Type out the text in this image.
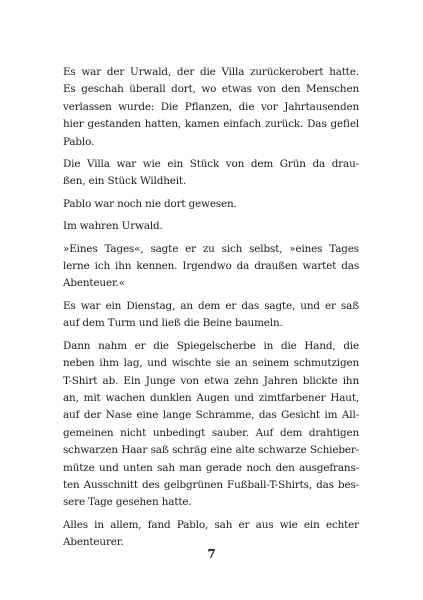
Es war der Urwald, der die Villa zurückerobert hatte.
Es geschah überall dort, wo etwas von den Menschen
verlassen wurde: Die Pflanzen, die vor Jahrtausenden
hier gestanden hatten, kamen einfach zurück. Das gefiel
Pablo.

Die Villa war wie ein Stück von dem Grün da drau-
ßen, ein Stück Wildheit.

Pablo war noch nie dort gewesen.

Im wahren Urwald.

»Eines Tages«, sagte er zu sich selbst, »eines Tages
lerne ich ihn kennen. Irgendwo da draußen wartet das
Abenteuer.«

Es war ein Dienstag, an dem er das sagte, und er saß
auf dem Turm und ließ die Beine baumeln.

Dann nahm er die Spiegelscherbe in die Hand, die
neben ihm lag, und wischte sie an seinem schmutzigen
T-Shirt ab. Ein Junge von etwa zehn Jahren blickte ihn
an, mit wachen dunklen Augen und zimtfarbener Haut,
auf der Nase eine lange Schramme, das Gesicht im All-
gemeinen nicht unbedingt sauber. Auf dem drahtigen
schwarzen Haar saß schräg eine alte schwarze Schieber-
mütze und unten sah man gerade noch den ausgefrans-
ten Ausschnitt des gelbgrünen Fußball-T-Shirts, das bes-
sere Tage gesehen hatte.

Alles in allem, fand Pablo, sah er aus wie ein echter
Abenteurer.

7
